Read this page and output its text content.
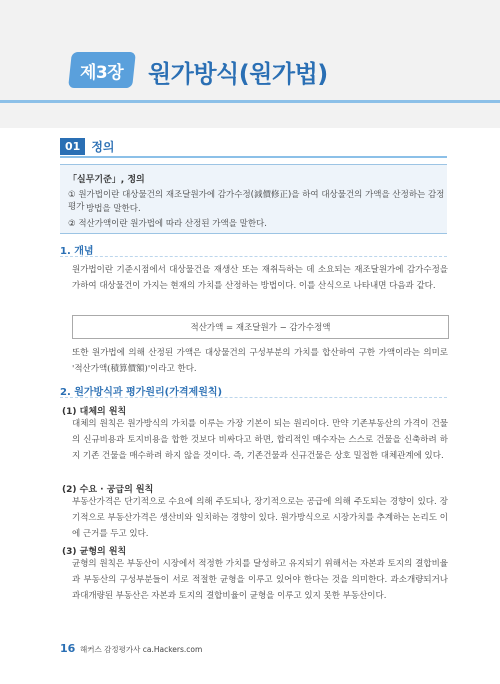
제3장 원가방식(원가법)
01 정의
「실무기준」, 정의
① 원가법이란 대상물건의 재조달원가에 감가수정(減價修正)을 하여 대상물건의 가액을 산정하는 감정평가 방법을 말한다.
② 적산가액이란 원가법에 따라 산정된 가액을 말한다.
1. 개념
원가법이란 기준시점에서 대상물건을 재생산 또는 재취득하는 데 소요되는 재조달원가에 감가수정을 가하여 대상물건이 가지는 현재의 가치를 산정하는 방법이다. 이를 산식으로 나타내면 다음과 같다.
적산가액 = 재조달원가 − 감가수정액
또한 원가법에 의해 산정된 가액은 대상물건의 구성부분의 가치를 합산하여 구한 가액이라는 의미로 '적산가액(積算價額)'이라고 한다.
2. 원가방식과 평가원리(가격제원칙)
(1) 대체의 원칙
대체의 원칙은 원가방식의 가치를 이루는 가장 기본이 되는 원리이다. 만약 기존부동산의 가격이 건물의 신규비용과 토지비용을 합한 것보다 비싸다고 하면, 합리적인 매수자는 스스로 건물을 신축하려 하지 기존 건물을 매수하려 하지 않을 것이다. 즉, 기존건물과 신규건물은 상호 밀접한 대체관계에 있다.
(2) 수요 · 공급의 원칙
부동산가격은 단기적으로 수요에 의해 주도되나, 장기적으로는 공급에 의해 주도되는 경향이 있다. 장기적으로 부동산가격은 생산비와 일치하는 경향이 있다. 원가방식으로 시장가치를 추계하는 논리도 이에 근거를 두고 있다.
(3) 균형의 원칙
균형의 원칙은 부동산이 시장에서 적정한 가치를 달성하고 유지되기 위해서는 자본과 토지의 결합비율과 부동산의 구성부분들이 서로 적절한 균형을 이루고 있어야 한다는 것을 의미한다. 과소개량되거나 과대개량된 부동산은 자본과 토지의 결합비율이 균형을 이루고 있지 못한 부동산이다.
16 해커스 감정평가사 ca.Hackers.com
